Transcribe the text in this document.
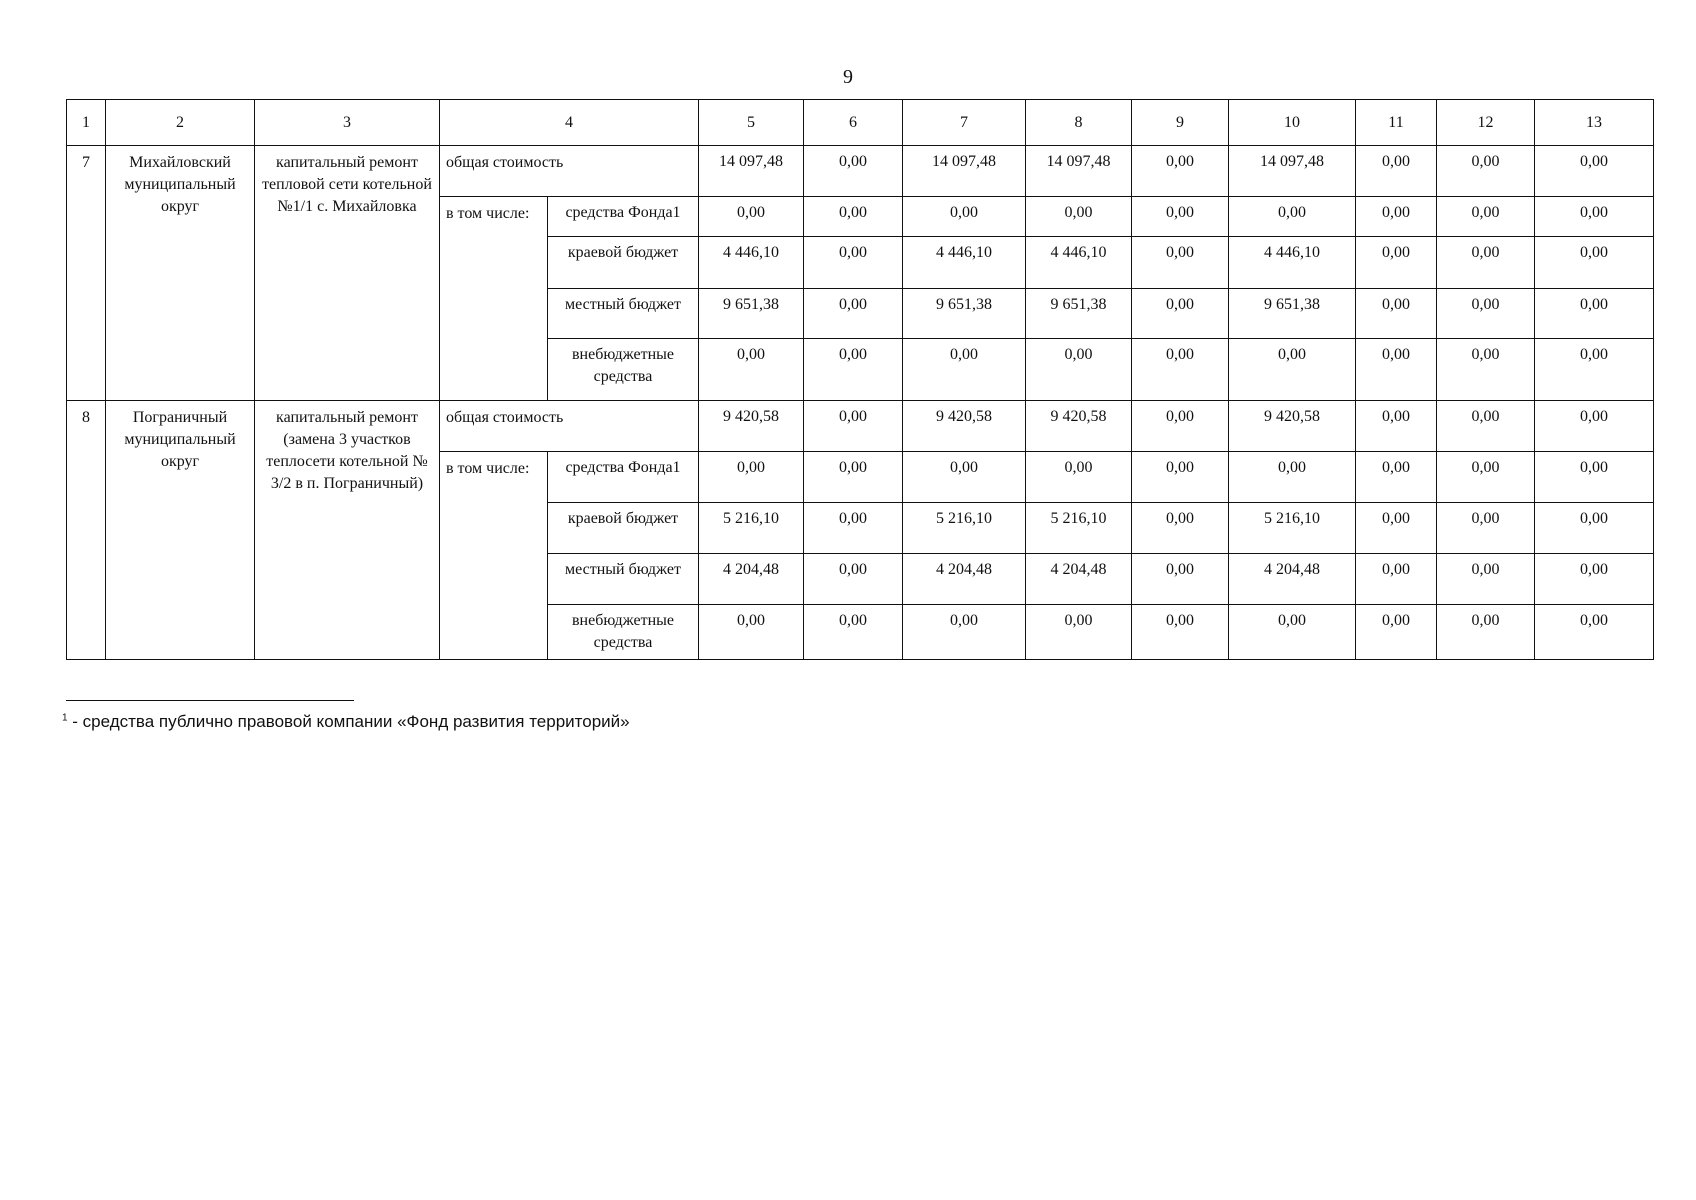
9
1	2	3	4		5	6	7	8	9	10	11	12	13
7	Михайловский муниципальный округ	капитальный ремонт тепловой сети котельной №1/1 с. Михайловка	общая стоимость		14 097,48	0,00	14 097,48	14 097,48	0,00	14 097,48	0,00	0,00	0,00
			в том числе:	средства Фонда1	0,00	0,00	0,00	0,00	0,00	0,00	0,00	0,00	0,00
				краевой бюджет	4 446,10	0,00	4 446,10	4 446,10	0,00	4 446,10	0,00	0,00	0,00
				местный бюджет	9 651,38	0,00	9 651,38	9 651,38	0,00	9 651,38	0,00	0,00	0,00
				внебюджетные средства	0,00	0,00	0,00	0,00	0,00	0,00	0,00	0,00	0,00
8	Пограничный муниципальный округ	капитальный ремонт (замена 3 участков теплосети котельной № 3/2 в п. Пограничный)	общая стоимость		9 420,58	0,00	9 420,58	9 420,58	0,00	9 420,58	0,00	0,00	0,00
			в том числе:	средства Фонда1	0,00	0,00	0,00	0,00	0,00	0,00	0,00	0,00	0,00
				краевой бюджет	5 216,10	0,00	5 216,10	5 216,10	0,00	5 216,10	0,00	0,00	0,00
				местный бюджет	4 204,48	0,00	4 204,48	4 204,48	0,00	4 204,48	0,00	0,00	0,00
				внебюджетные средства	0,00	0,00	0,00	0,00	0,00	0,00	0,00	0,00	0,00
$^1$ - средства публично правовой компании «Фонд развития территорий»
